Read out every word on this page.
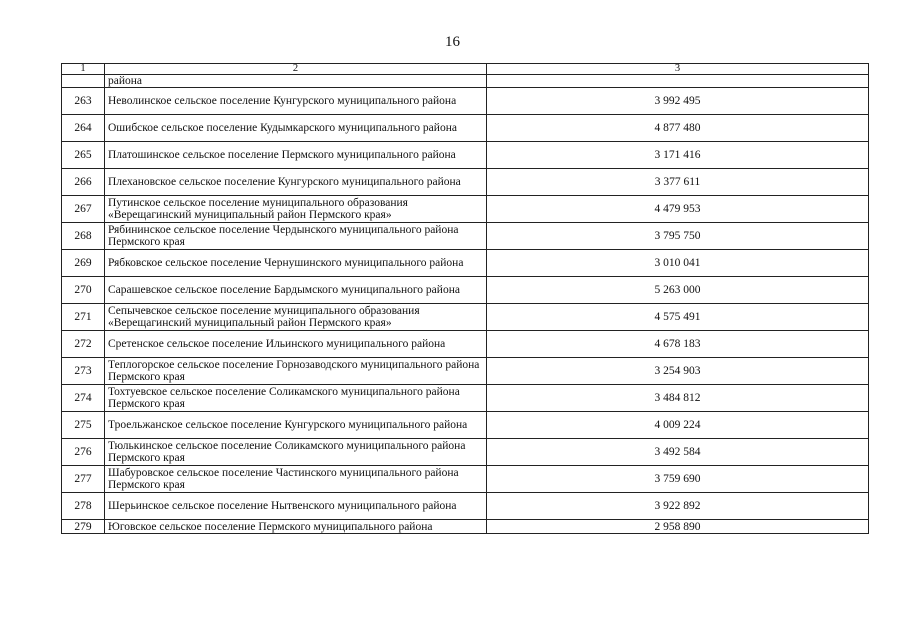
16
1	2	3
	района	
263	Неволинское сельское поселение Кунгурского муниципального района	3 992 495
264	Ошибское сельское поселение Кудымкарского муниципального района	4 877 480
265	Платошинское сельское поселение Пермского муниципального района	3 171 416
266	Плехановское сельское поселение Кунгурского муниципального района	3 377 611
267	Путинское сельское поселение муниципального образования «Верещагинский муниципальный район Пермского края»	4 479 953
268	Рябининское сельское поселение Чердынского муниципального района Пермского края	3 795 750
269	Рябковское сельское поселение Чернушинского муниципального района	3 010 041
270	Сарашевское сельское поселение Бардымского муниципального района	5 263 000
271	Сепычевское сельское поселение муниципального образования «Верещагинский муниципальный район Пермского края»	4 575 491
272	Сретенское сельское поселение Ильинского муниципального района	4 678 183
273	Теплогорское сельское поселение Горнозаводского муниципального района Пермского края	3 254 903
274	Тохтуевское сельское поселение Соликамского муниципального района Пермского края	3 484 812
275	Троельжанское сельское поселение Кунгурского муниципального района	4 009 224
276	Тюлькинское сельское поселение Соликамского муниципального района Пермского края	3 492 584
277	Шабуровское сельское поселение Частинского муниципального района Пермского края	3 759 690
278	Шерьинское сельское поселение Нытвенского муниципального района	3 922 892
279	Юговское сельское поселение Пермского муниципального района	2 958 890
